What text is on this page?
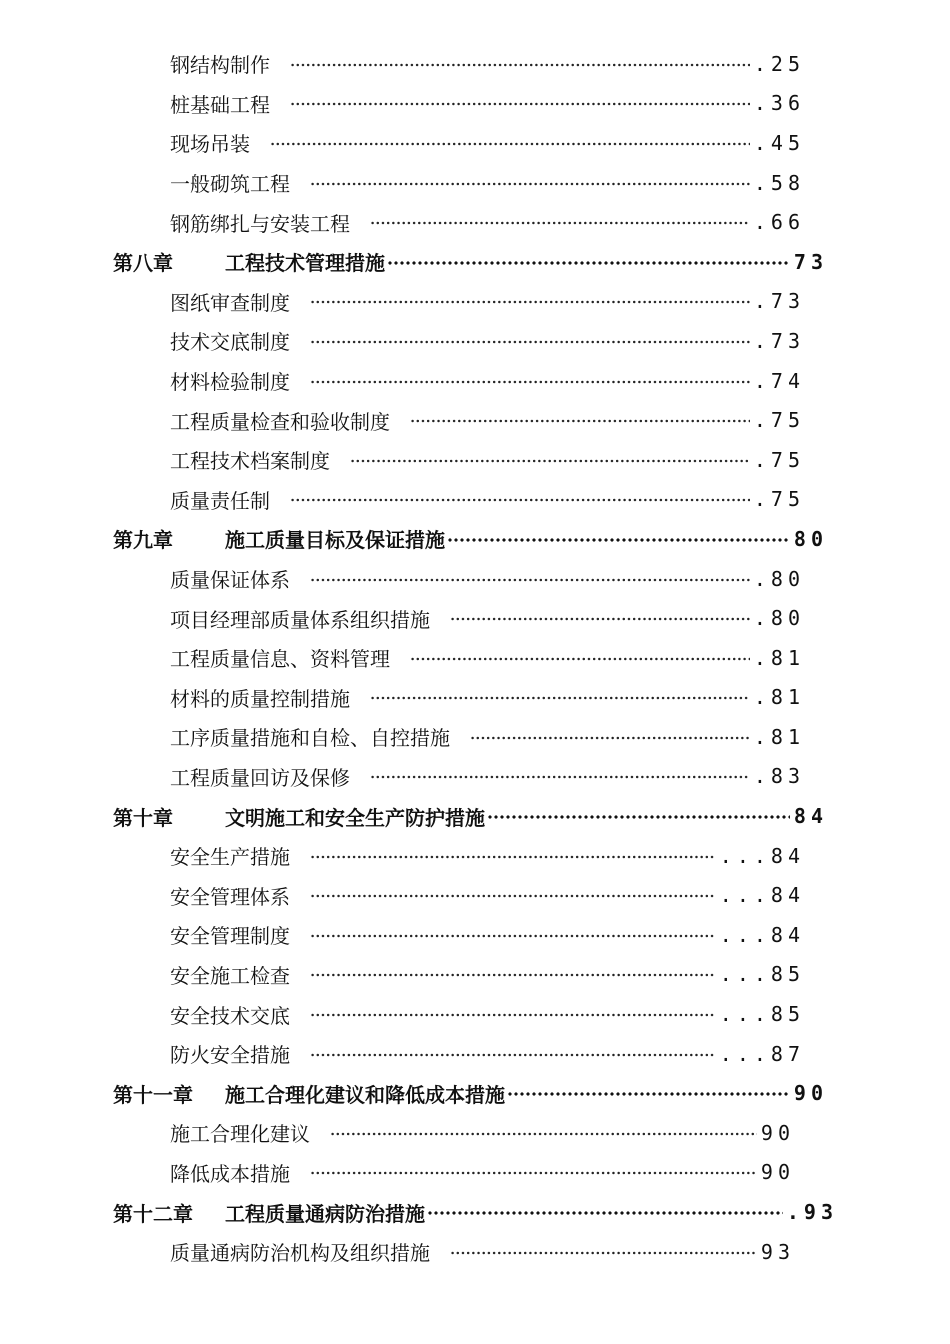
钢结构制作	.25
桩基础工程	.36
现场吊装	.45
一般砌筑工程	.58
钢筋绑扎与安装工程	.66
第八章	工程技术管理措施	73
图纸审查制度	.73
技术交底制度	.73
材料检验制度	.74
工程质量检查和验收制度	.75
工程技术档案制度	.75
质量责任制	.75
第九章	施工质量目标及保证措施	80
质量保证体系	.80
项目经理部质量体系组织措施	.80
工程质量信息、资料管理	.81
材料的质量控制措施	.81
工序质量措施和自检、自控措施	.81
工程质量回访及保修	.83
第十章	文明施工和安全生产防护措施	84
安全生产措施	...84
安全管理体系	...84
安全管理制度	...84
安全施工检查	...85
安全技术交底	...85
防火安全措施	...87
第十一章	施工合理化建议和降低成本措施	90
施工合理化建议	90
降低成本措施	90
第十二章	工程质量通病防治措施	.93
质量通病防治机构及组织措施	93
